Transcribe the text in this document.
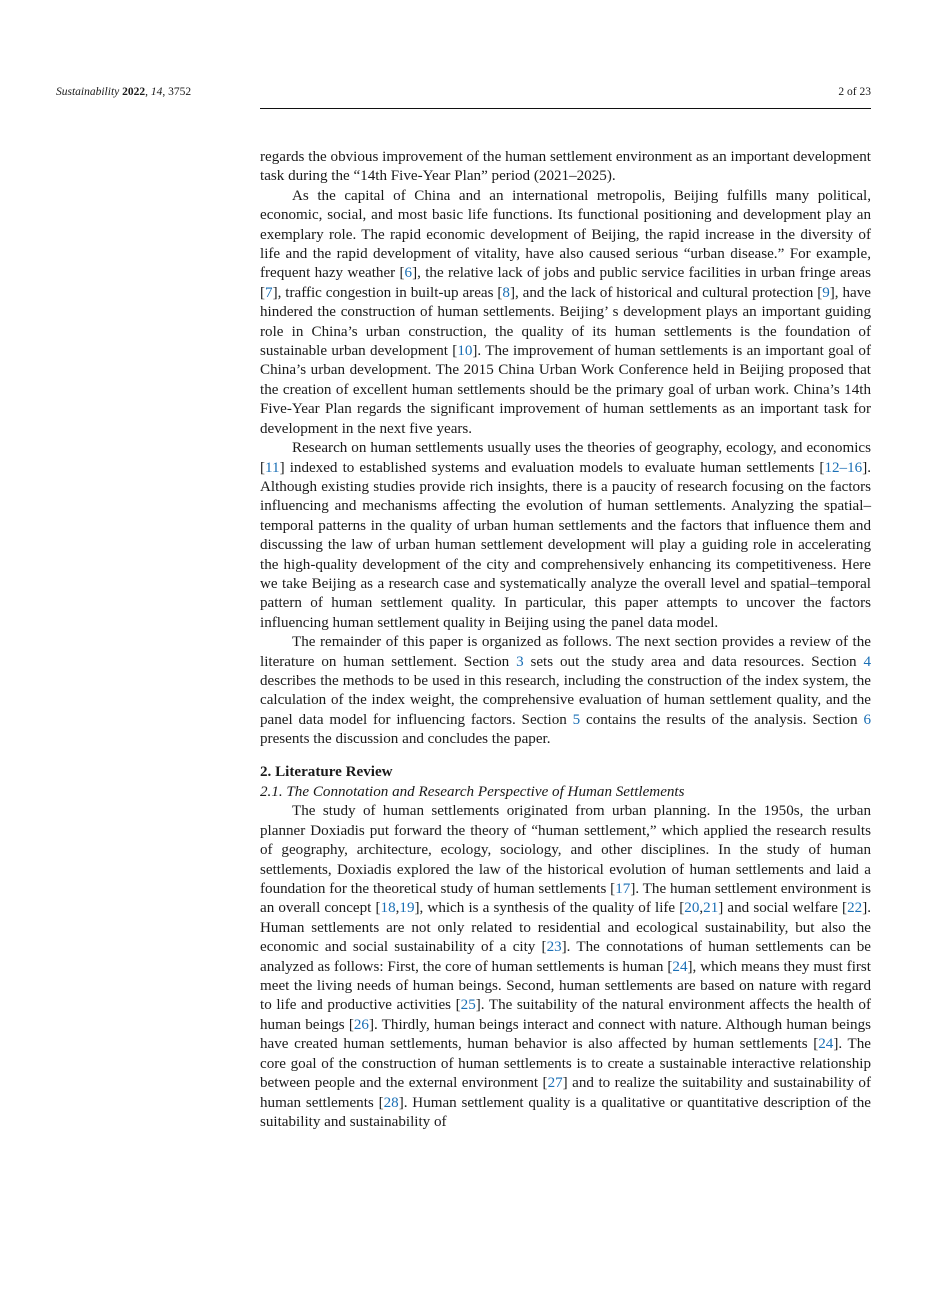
Sustainability 2022, 14, 3752	2 of 23

regards the obvious improvement of the human settlement environment as an important development task during the “14th Five-Year Plan” period (2021–2025).

As the capital of China and an international metropolis, Beijing fulfills many political, economic, social, and most basic life functions. Its functional positioning and development play an exemplary role. The rapid economic development of Beijing, the rapid increase in the diversity of life and the rapid development of vitality, have also caused serious “urban disease.” For example, frequent hazy weather [6], the relative lack of jobs and public service facilities in urban fringe areas [7], traffic congestion in built-up areas [8], and the lack of historical and cultural protection [9], have hindered the construction of human settlements. Beijing’ s development plays an important guiding role in China’s urban construction, the quality of its human settlements is the foundation of sustainable urban development [10]. The improvement of human settlements is an important goal of China’s urban development. The 2015 China Urban Work Conference held in Beijing proposed that the creation of excellent human settlements should be the primary goal of urban work. China’s 14th Five-Year Plan regards the significant improvement of human settlements as an important task for development in the next five years.

Research on human settlements usually uses the theories of geography, ecology, and economics [11] indexed to established systems and evaluation models to evaluate human settlements [12–16]. Although existing studies provide rich insights, there is a paucity of research focusing on the factors influencing and mechanisms affecting the evolution of human settlements. Analyzing the spatial–temporal patterns in the quality of urban human settlements and the factors that influence them and discussing the law of urban human settlement development will play a guiding role in accelerating the high-quality development of the city and comprehensively enhancing its competitiveness. Here we take Beijing as a research case and systematically analyze the overall level and spatial–temporal pattern of human settlement quality. In particular, this paper attempts to uncover the factors influencing human settlement quality in Beijing using the panel data model.

The remainder of this paper is organized as follows. The next section provides a review of the literature on human settlement. Section 3 sets out the study area and data resources. Section 4 describes the methods to be used in this research, including the construction of the index system, the calculation of the index weight, the comprehensive evaluation of human settlement quality, and the panel data model for influencing factors. Section 5 contains the results of the analysis. Section 6 presents the discussion and concludes the paper.

2. Literature Review
2.1. The Connotation and Research Perspective of Human Settlements

The study of human settlements originated from urban planning. In the 1950s, the urban planner Doxiadis put forward the theory of “human settlement,” which applied the research results of geography, architecture, ecology, sociology, and other disciplines. In the study of human settlements, Doxiadis explored the law of the historical evolution of human settlements and laid a foundation for the theoretical study of human settlements [17]. The human settlement environment is an overall concept [18,19], which is a synthesis of the quality of life [20,21] and social welfare [22]. Human settlements are not only related to residential and ecological sustainability, but also the economic and social sustainability of a city [23]. The connotations of human settlements can be analyzed as follows: First, the core of human settlements is human [24], which means they must first meet the living needs of human beings. Second, human settlements are based on nature with regard to life and productive activities [25]. The suitability of the natural environment affects the health of human beings [26]. Thirdly, human beings interact and connect with nature. Although human beings have created human settlements, human behavior is also affected by human settlements [24]. The core goal of the construction of human settlements is to create a sustainable interactive relationship between people and the external environment [27] and to realize the suitability and sustainability of human settlements [28]. Human settlement quality is a qualitative or quantitative description of the suitability and sustainability of
